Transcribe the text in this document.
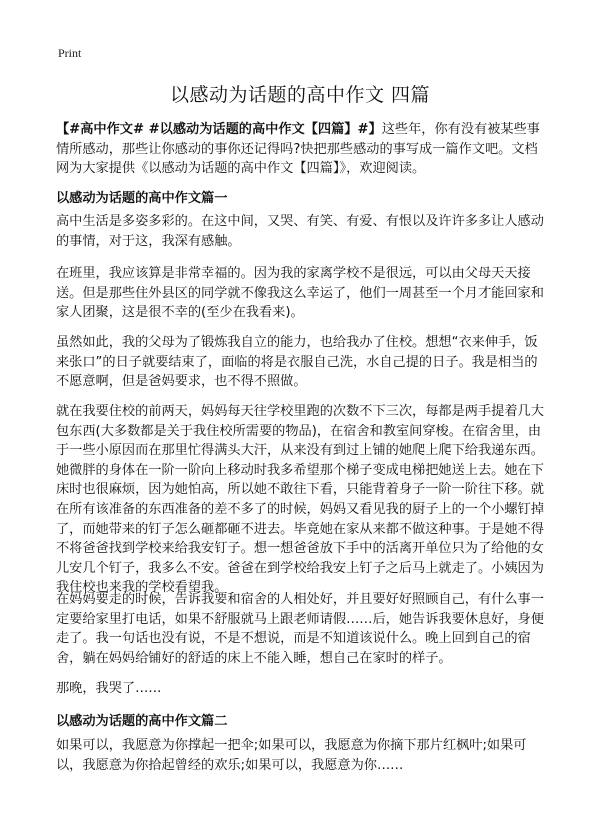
Print
以感动为话题的高中作文 四篇
【#高中作文# #以感动为话题的高中作文【四篇】#】这些年，你有没有被某些事情所感动，那些让你感动的事你还记得吗?快把那些感动的事写成一篇作文吧。文档网为大家提供《以感动为话题的高中作文【四篇】》，欢迎阅读。
以感动为话题的高中作文篇一

高中生活是多姿多彩的。在这中间，又哭、有笑、有爱、有恨以及许许多多让人感动的事情，对于这，我深有感触。

在班里，我应该算是非常幸福的。因为我的家离学校不是很远，可以由父母天天接送。但是那些住外县区的同学就不像我这么幸运了，他们一周甚至一个月才能回家和家人团聚，这是很不幸的(至少在我看来)。

虽然如此，我的父母为了锻炼我自立的能力，也给我办了住校。想想“衣来伸手，饭来张口”的日子就要结束了，面临的将是衣服自己洗，水自己提的日子。我是相当的不愿意啊，但是爸妈要求，也不得不照做。

就在我要住校的前两天，妈妈每天往学校里跑的次数不下三次，每都是两手提着几大包东西(大多数都是关于我住校所需要的物品)，在宿舍和教室间穿梭。在宿舍里，由于一些小原因而在那里忙得满头大汗，从来没有到过上铺的她爬上爬下给我递东西。她微胖的身体在一阶一阶向上移动时我多希望那个梯子变成电梯把她送上去。她在下床时也很麻烦，因为她怕高，所以她不敢往下看，只能背着身子一阶一阶往下移。就在所有该准备的东西准备的差不多了的时候，妈妈又看见我的厨子上的一个小螺钉掉了，而她带来的钉子怎么砸都砸不进去。毕竟她在家从来都不做这种事。于是她不得不将爸爸找到学校来给我安钉子。想一想爸爸放下手中的活离开单位只为了给他的女儿安几个钉子，我多么不安。爸爸在到学校给我安上钉子之后马上就走了。小姨因为我住校也来我的学校看望我。

在妈妈要走的时候，告诉我要和宿舍的人相处好，并且要好好照顾自己，有什么事一定要给家里打电话，如果不舒服就马上跟老师请假……后，她告诉我要休息好，身便走了。我一句话也没有说，不是不想说，而是不知道该说什么。晚上回到自己的宿舍，躺在妈妈给铺好的舒适的床上不能入睡，想自己在家时的样子。

那晚，我哭了……

以感动为话题的高中作文篇二

如果可以，我愿意为你撑起一把伞;如果可以，我愿意为你摘下那片红枫叶;如果可以，我愿意为你拾起曾经的欢乐;如果可以，我愿意为你……
